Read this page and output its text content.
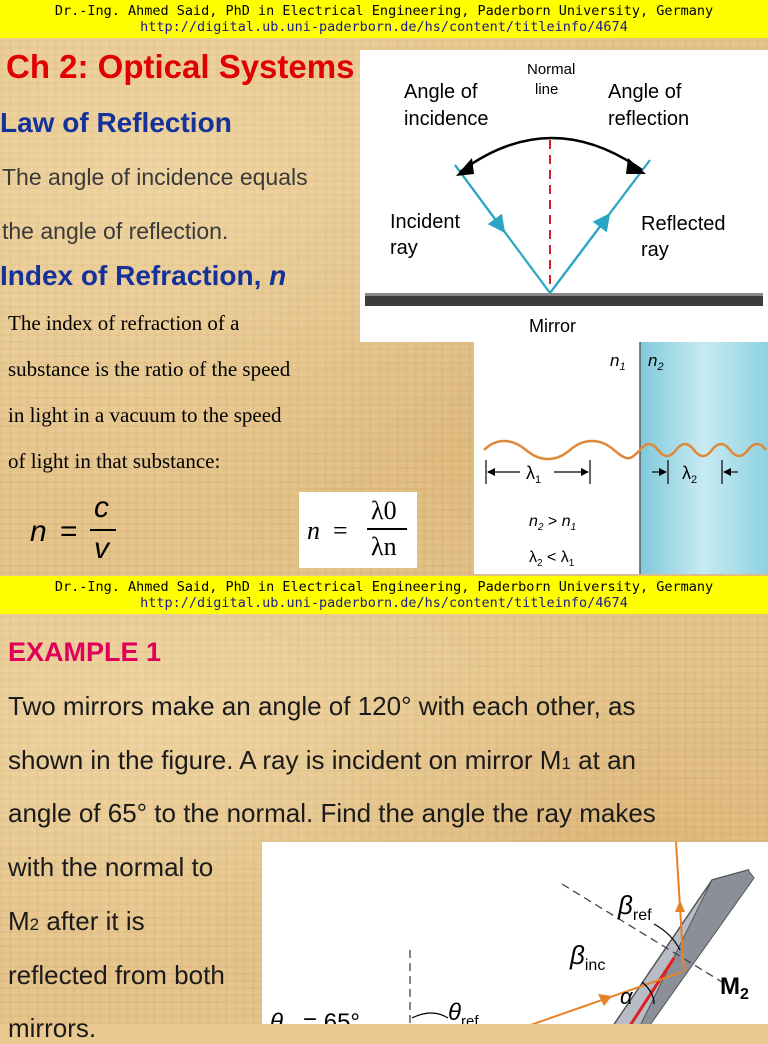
Dr.-Ing. Ahmed Said, PhD in Electrical Engineering, Paderborn University, Germany
http://digital.ub.uni-paderborn.de/hs/content/titleinfo/4674
Ch 2: Optical Systems
Law of Reflection
The angle of incidence equals
the angle of reflection.
Index of Refraction, n
The index of refraction of a
substance is the ratio of the speed
in light in a vacuum to the speed
of light in that substance:
n =
c
v
n =
λ0
λn
Normal
line
Angle of
incidence
Angle of
reflection
Incident
ray
Reflected
ray
Mirror
$n_1$ $n_2$
$\lambda_1$	$\lambda_2$
$n_2 > n_1$
$\lambda_2 < \lambda_1$
Dr.-Ing. Ahmed Said, PhD in Electrical Engineering, Paderborn University, Germany
http://digital.ub.uni-paderborn.de/hs/content/titleinfo/4674
EXAMPLE 1
Two mirrors make an angle of 120° with each other, as
shown in the figure. A ray is incident on mirror M1 at an
angle of 65° to the normal. Find the angle the ray makes
with the normal to
M2 after it is
reflected from both
mirrors.
$\beta_{ref}$
$\beta_{inc}$
α	$M_2$
$\theta_{ref}$
θ = 65°
